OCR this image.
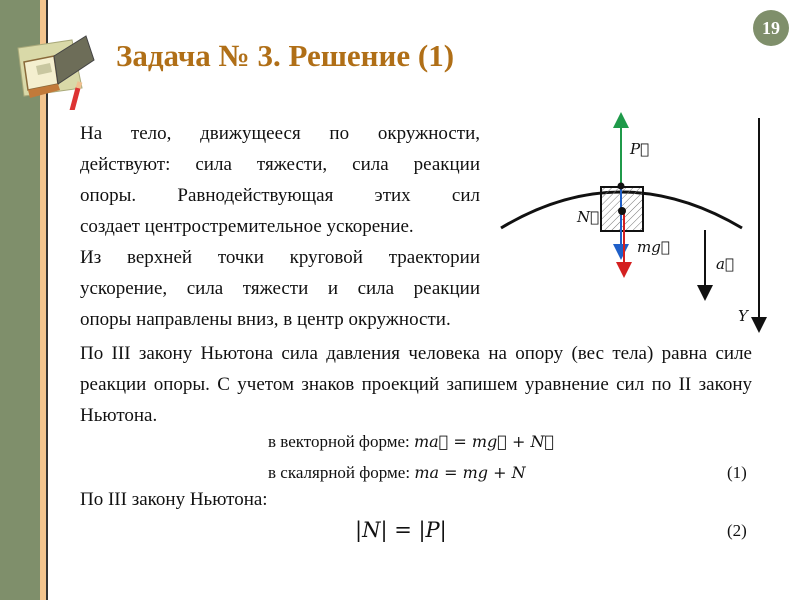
Задача № 3. Решение (1)
19
На тело, движущееся по окружности,
действуют: сила тяжести, сила реакции
опоры. Равнодействующая этих сил
создает центростремительное ускорение.
Из верхней точки круговой траектории
ускорение, сила тяжести и сила реакции
опоры направлены вниз, в центр окружности.
По III закону Ньютона сила давления человека на опору (вес тела) равна силе реакции опоры. С учетом знаков проекций запишем уравнение сил по II закону Ньютона.
в векторной форме: ma⃗ = mg⃗ + N⃗
в скалярной форме: ma = mg + N	(1)
По III закону Ньютона:
|N| = |P|	(2)
P⃗
N⃗
mg⃗
a⃗
Y
